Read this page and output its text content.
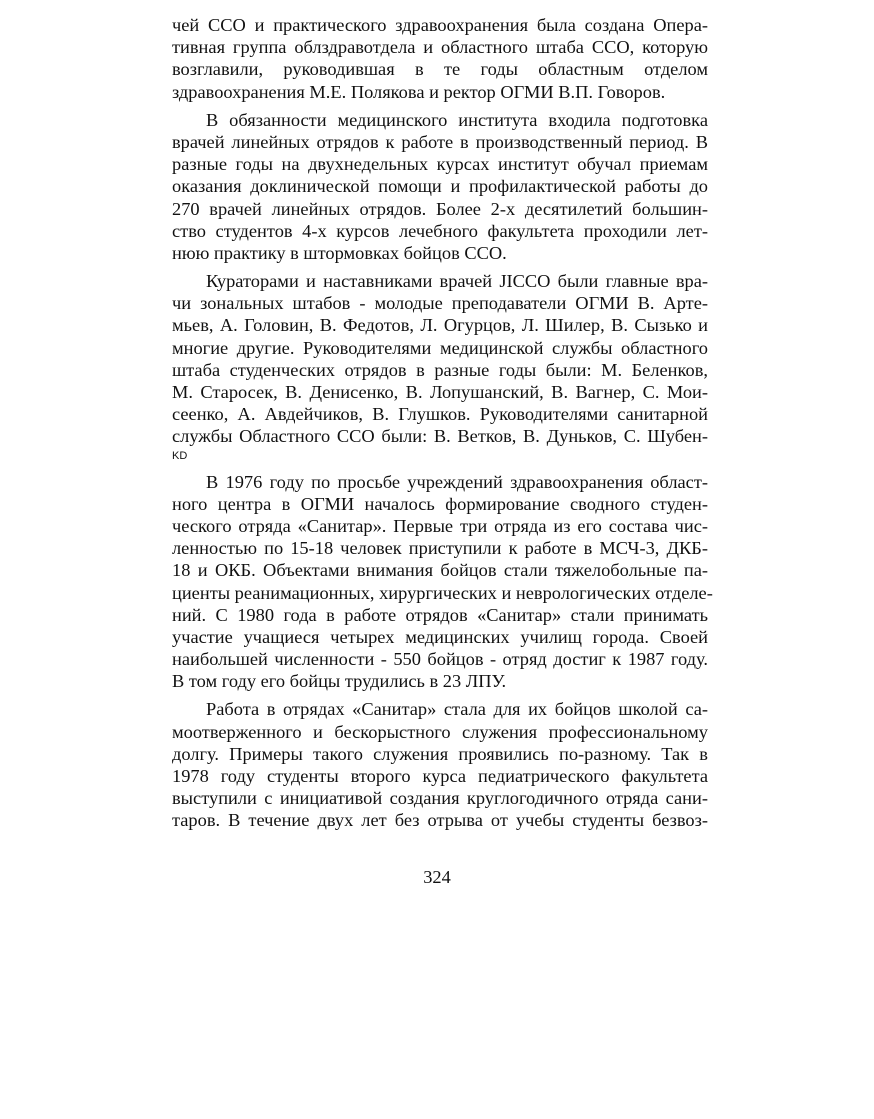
чей ССО и практического здравоохранения была создана Опера-
тивная группа облздравотдела и областного штаба ССО, которую
возглавили, руководившая в те годы областным отделом
здравоохранения М.Е. Полякова и ректор ОГМИ В.П. Говоров.
В обязанности медицинского института входила подготовка
врачей линейных отрядов к работе в производственный период. В
разные годы на двухнедельных курсах институт обучал приемам
оказания доклинической помощи и профилактической работы до
270 врачей линейных отрядов. Более 2-х десятилетий большин-
ство студентов 4-х курсов лечебного факультета проходили лет-
нюю практику в штормовках бойцов ССО.
Кураторами и наставниками врачей JIССО были главные вра-
чи зональных штабов - молодые преподаватели ОГМИ В. Арте-
мьев, А. Головин, В. Федотов, Л. Огурцов, Л. Шилер, В. Сызько и
многие другие. Руководителями медицинской службы областного
штаба студенческих отрядов в разные годы были: М. Беленков,
М. Старосек, В. Денисенко, В. Лопушанский, В. Вагнер, С. Мои-
сеенко, А. Авдейчиков, В. Глушков. Руководителями санитарной
службы Областного ССО были: В. Ветков, В. Дуньков, С. Шубен-
KD
В 1976 году по просьбе учреждений здравоохранения област-
ного центра в ОГМИ началось формирование сводного студен-
ческого отряда «Санитар». Первые три отряда из его состава чис-
ленностью по 15-18 человек приступили к работе в МСЧ-3, ДКБ-
18 и ОКБ. Объектами внимания бойцов стали тяжелобольные па-
циенты реанимационных, хирургических и неврологических отделе-
ний. С 1980 года в работе отрядов «Санитар» стали принимать
участие учащиеся четырех медицинских училищ города. Своей
наибольшей численности - 550 бойцов - отряд достиг к 1987 году.
В том году его бойцы трудились в 23 ЛПУ.
Работа в отрядах «Санитар» стала для их бойцов школой са-
моотверженного и бескорыстного служения профессиональному
долгу. Примеры такого служения проявились по-разному. Так в
1978 году студенты второго курса педиатрического факультета
выступили с инициативой создания круглогодичного отряда сани-
таров. В течение двух лет без отрыва от учебы студенты безвоз-
324
